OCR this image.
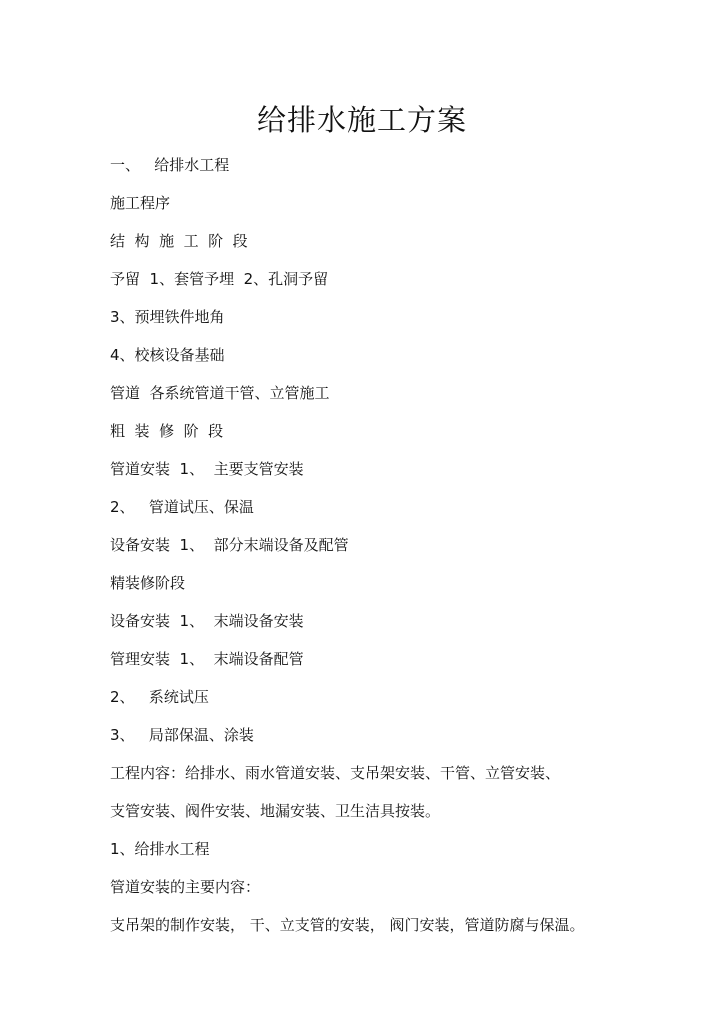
给排水施工方案
一、   给排水工程
施工程序
结  构  施  工  阶  段
予留  1、套管予埋  2、孔洞予留
3、预埋铁件地角
4、校核设备基础
管道  各系统管道干管、立管施工
粗  装  修  阶  段
管道安装  1、  主要支管安装
2、   管道试压、保温
设备安装  1、  部分末端设备及配管
精装修阶段
设备安装  1、  末端设备安装
管理安装  1、  末端设备配管
2、   系统试压
3、   局部保温、涂装
工程内容：给排水、雨水管道安装、支吊架安装、干管、立管安装、
支管安装、阀件安装、地漏安装、卫生洁具按装。
1、给排水工程
管道安装的主要内容：
支吊架的制作安装， 干、立支管的安装， 阀门安装，管道防腐与保温。
